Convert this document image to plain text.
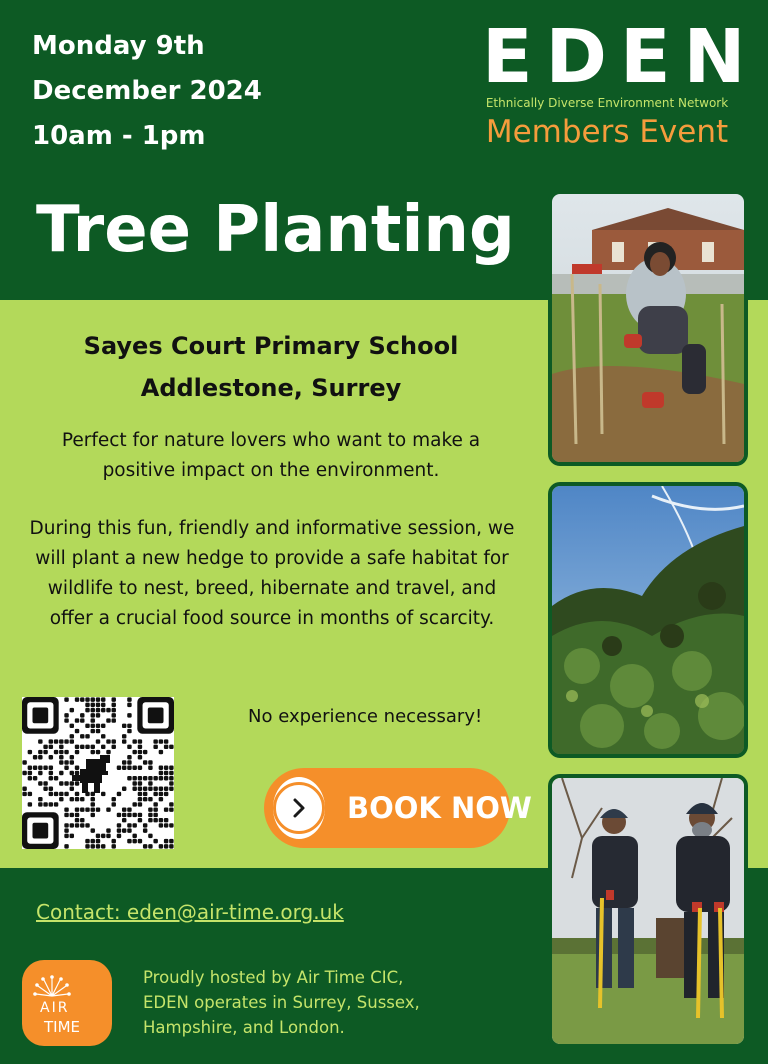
Monday 9th
December 2024
10am - 1pm
EDEN
Ethnically Diverse Environment Network
Members Event
Tree Planting
Sayes Court Primary School
Addlestone, Surrey
Perfect for nature lovers who want to make a positive impact on the environment.
During this fun, friendly and informative session, we will plant a new hedge to provide a safe habitat for wildlife to nest, breed, hibernate and travel, and offer a crucial food source in months of scarcity.
No experience necessary!
BOOK NOW
Contact: eden@air-time.org.uk
AIR
TIME
Proudly hosted by Air Time CIC,
EDEN operates in Surrey, Sussex,
Hampshire, and London.
